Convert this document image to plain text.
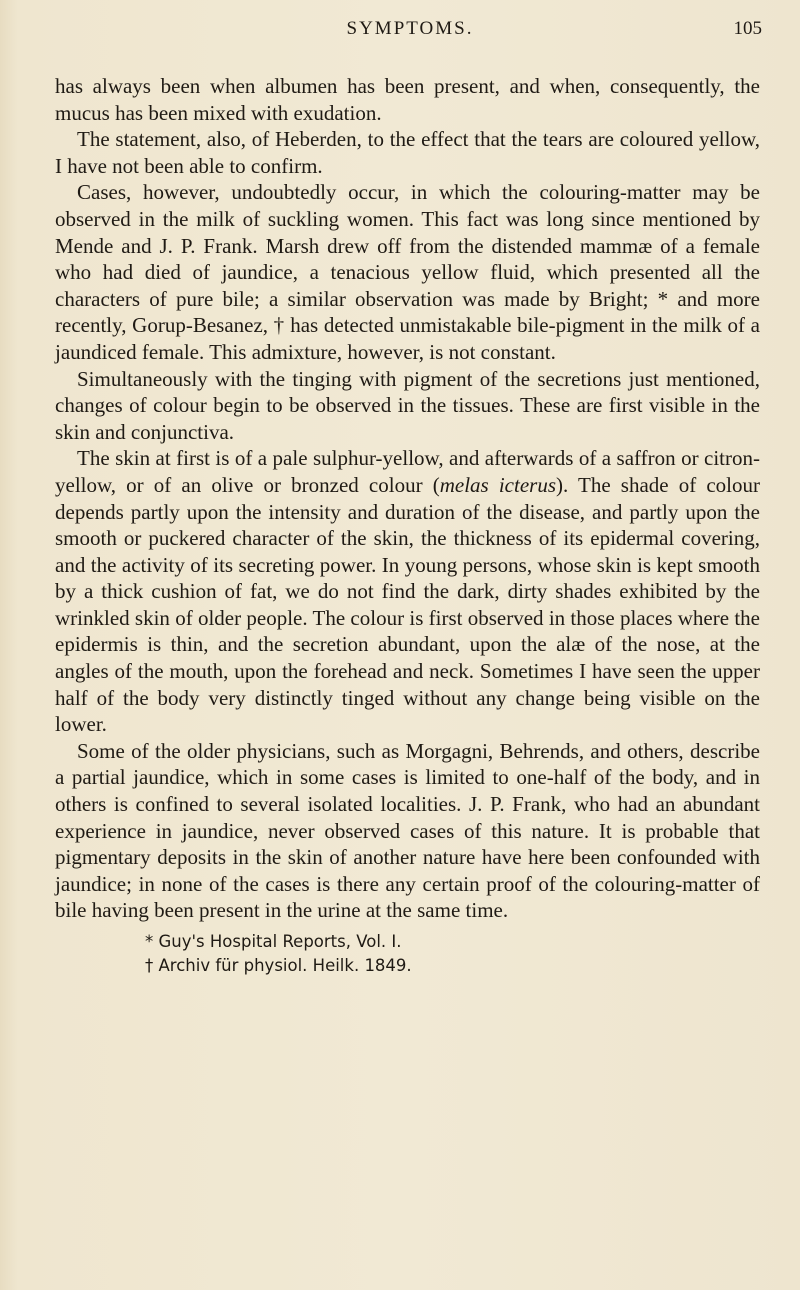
SYMPTOMS.	105

has always been when albumen has been present, and when, consequently, the mucus has been mixed with exudation.

The statement, also, of Heberden, to the effect that the tears are coloured yellow, I have not been able to confirm.

Cases, however, undoubtedly occur, in which the colouring-matter may be observed in the milk of suckling women. This fact was long since mentioned by Mende and J. P. Frank. Marsh drew off from the distended mammæ of a female who had died of jaundice, a tenacious yellow fluid, which presented all the characters of pure bile; a similar observation was made by Bright; * and more recently, Gorup-Besanez, † has detected unmistakable bile-pigment in the milk of a jaundiced female. This admixture, however, is not constant.

Simultaneously with the tinging with pigment of the secretions just mentioned, changes of colour begin to be observed in the tissues. These are first visible in the skin and conjunctiva.

The skin at first is of a pale sulphur-yellow, and afterwards of a saffron or citron-yellow, or of an olive or bronzed colour (melas icterus). The shade of colour depends partly upon the intensity and duration of the disease, and partly upon the smooth or puckered character of the skin, the thickness of its epidermal covering, and the activity of its secreting power. In young persons, whose skin is kept smooth by a thick cushion of fat, we do not find the dark, dirty shades exhibited by the wrinkled skin of older people. The colour is first observed in those places where the epidermis is thin, and the secretion abundant, upon the alæ of the nose, at the angles of the mouth, upon the forehead and neck. Sometimes I have seen the upper half of the body very distinctly tinged without any change being visible on the lower.

Some of the older physicians, such as Morgagni, Behrends, and others, describe a partial jaundice, which in some cases is limited to one-half of the body, and in others is confined to several isolated localities. J. P. Frank, who had an abundant experience in jaundice, never observed cases of this nature. It is probable that pigmentary deposits in the skin of another nature have here been confounded with jaundice; in none of the cases is there any certain proof of the colouring-matter of bile having been present in the urine at the same time.

* Guy's Hospital Reports, Vol. I.
† Archiv für physiol. Heilk. 1849.
